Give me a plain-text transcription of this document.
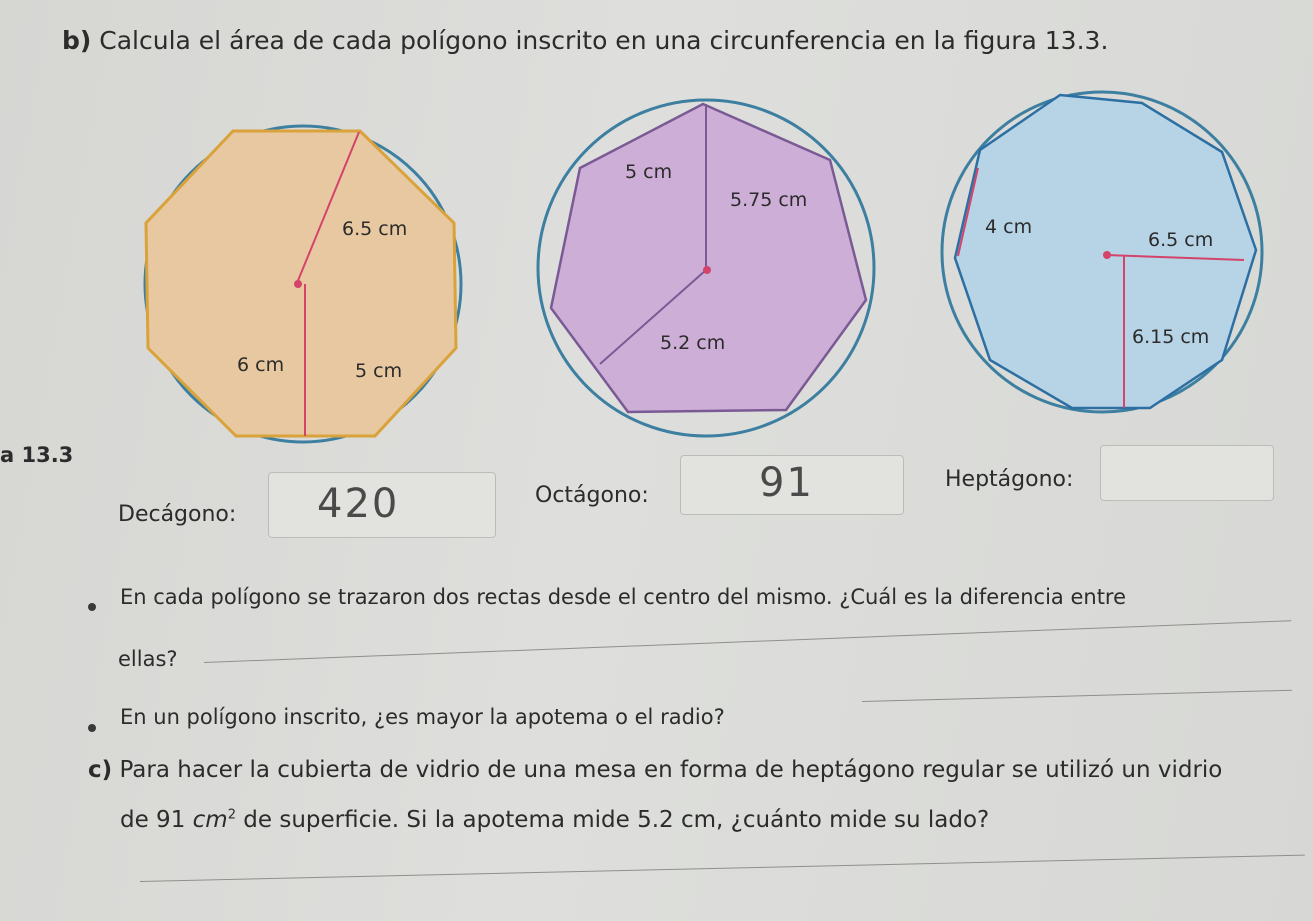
b) Calcula el área de cada polígono inscrito en una circunferencia en la figura 13.3.
6.5 cm
6 cm	5 cm
5 cm
5.75 cm
5.2 cm
4 cm
6.5 cm
6.15 cm
a 13.3
Decágono: 420	Octágono:	91	Heptágono:
En cada polígono se trazaron dos rectas desde el centro del mismo. ¿Cuál es la diferencia entre
ellas?
En un polígono inscrito, ¿es mayor la apotema o el radio?
c) Para hacer la cubierta de vidrio de una mesa en forma de heptágono regular se utilizó un vidrio
de 91 $cm^2$ de superficie. Si la apotema mide 5.2 cm, ¿cuánto mide su lado?
